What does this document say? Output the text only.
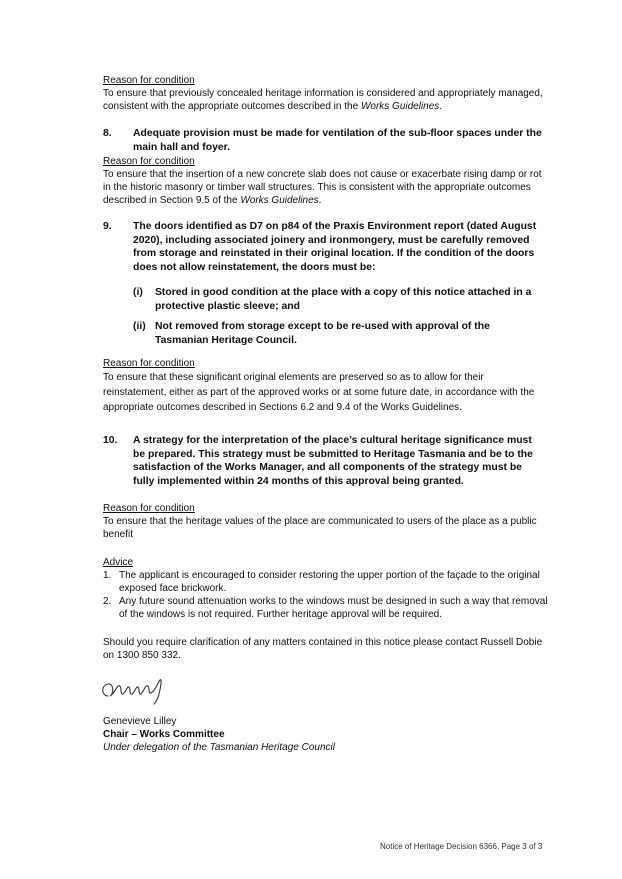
Reason for condition

To ensure that previously concealed heritage information is considered and appropriately managed, consistent with the appropriate outcomes described in the Works Guidelines.

8. Adequate provision must be made for ventilation of the sub-floor spaces under the main hall and foyer.
Reason for condition

To ensure that the insertion of a new concrete slab does not cause or exacerbate rising damp or rot in the historic masonry or timber wall structures. This is consistent with the appropriate outcomes described in Section 9.5 of the Works Guidelines.

9. The doors identified as D7 on p84 of the Praxis Environment report (dated August 2020), including associated joinery and ironmongery, must be carefully removed from storage and reinstated in their original location. If the condition of the doors does not allow reinstatement, the doors must be:
(i) Stored in good condition at the place with a copy of this notice attached in a protective plastic sleeve; and
(ii) Not removed from storage except to be re-used with approval of the Tasmanian Heritage Council.
Reason for condition

To ensure that these significant original elements are preserved so as to allow for their reinstatement, either as part of the approved works or at some future date, in accordance with the appropriate outcomes described in Sections 6.2 and 9.4 of the Works Guidelines.

10. A strategy for the interpretation of the place’s cultural heritage significance must be prepared. This strategy must be submitted to Heritage Tasmania and be to the satisfaction of the Works Manager, and all components of the strategy must be fully implemented within 24 months of this approval being granted.
Reason for condition

To ensure that the heritage values of the place are communicated to users of the place as a public benefit

Advice
1. The applicant is encouraged to consider restoring the upper portion of the façade to the original exposed face brickwork.
2. Any future sound attenuation works to the windows must be designed in such a way that removal of the windows is not required. Further heritage approval will be required.

Should you require clarification of any matters contained in this notice please contact Russell Dobie on 1300 850 332.

Genevieve Lilley
Chair – Works Committee
Under delegation of the Tasmanian Heritage Council
Notice of Heritage Decision 6366, Page 3 of 3
